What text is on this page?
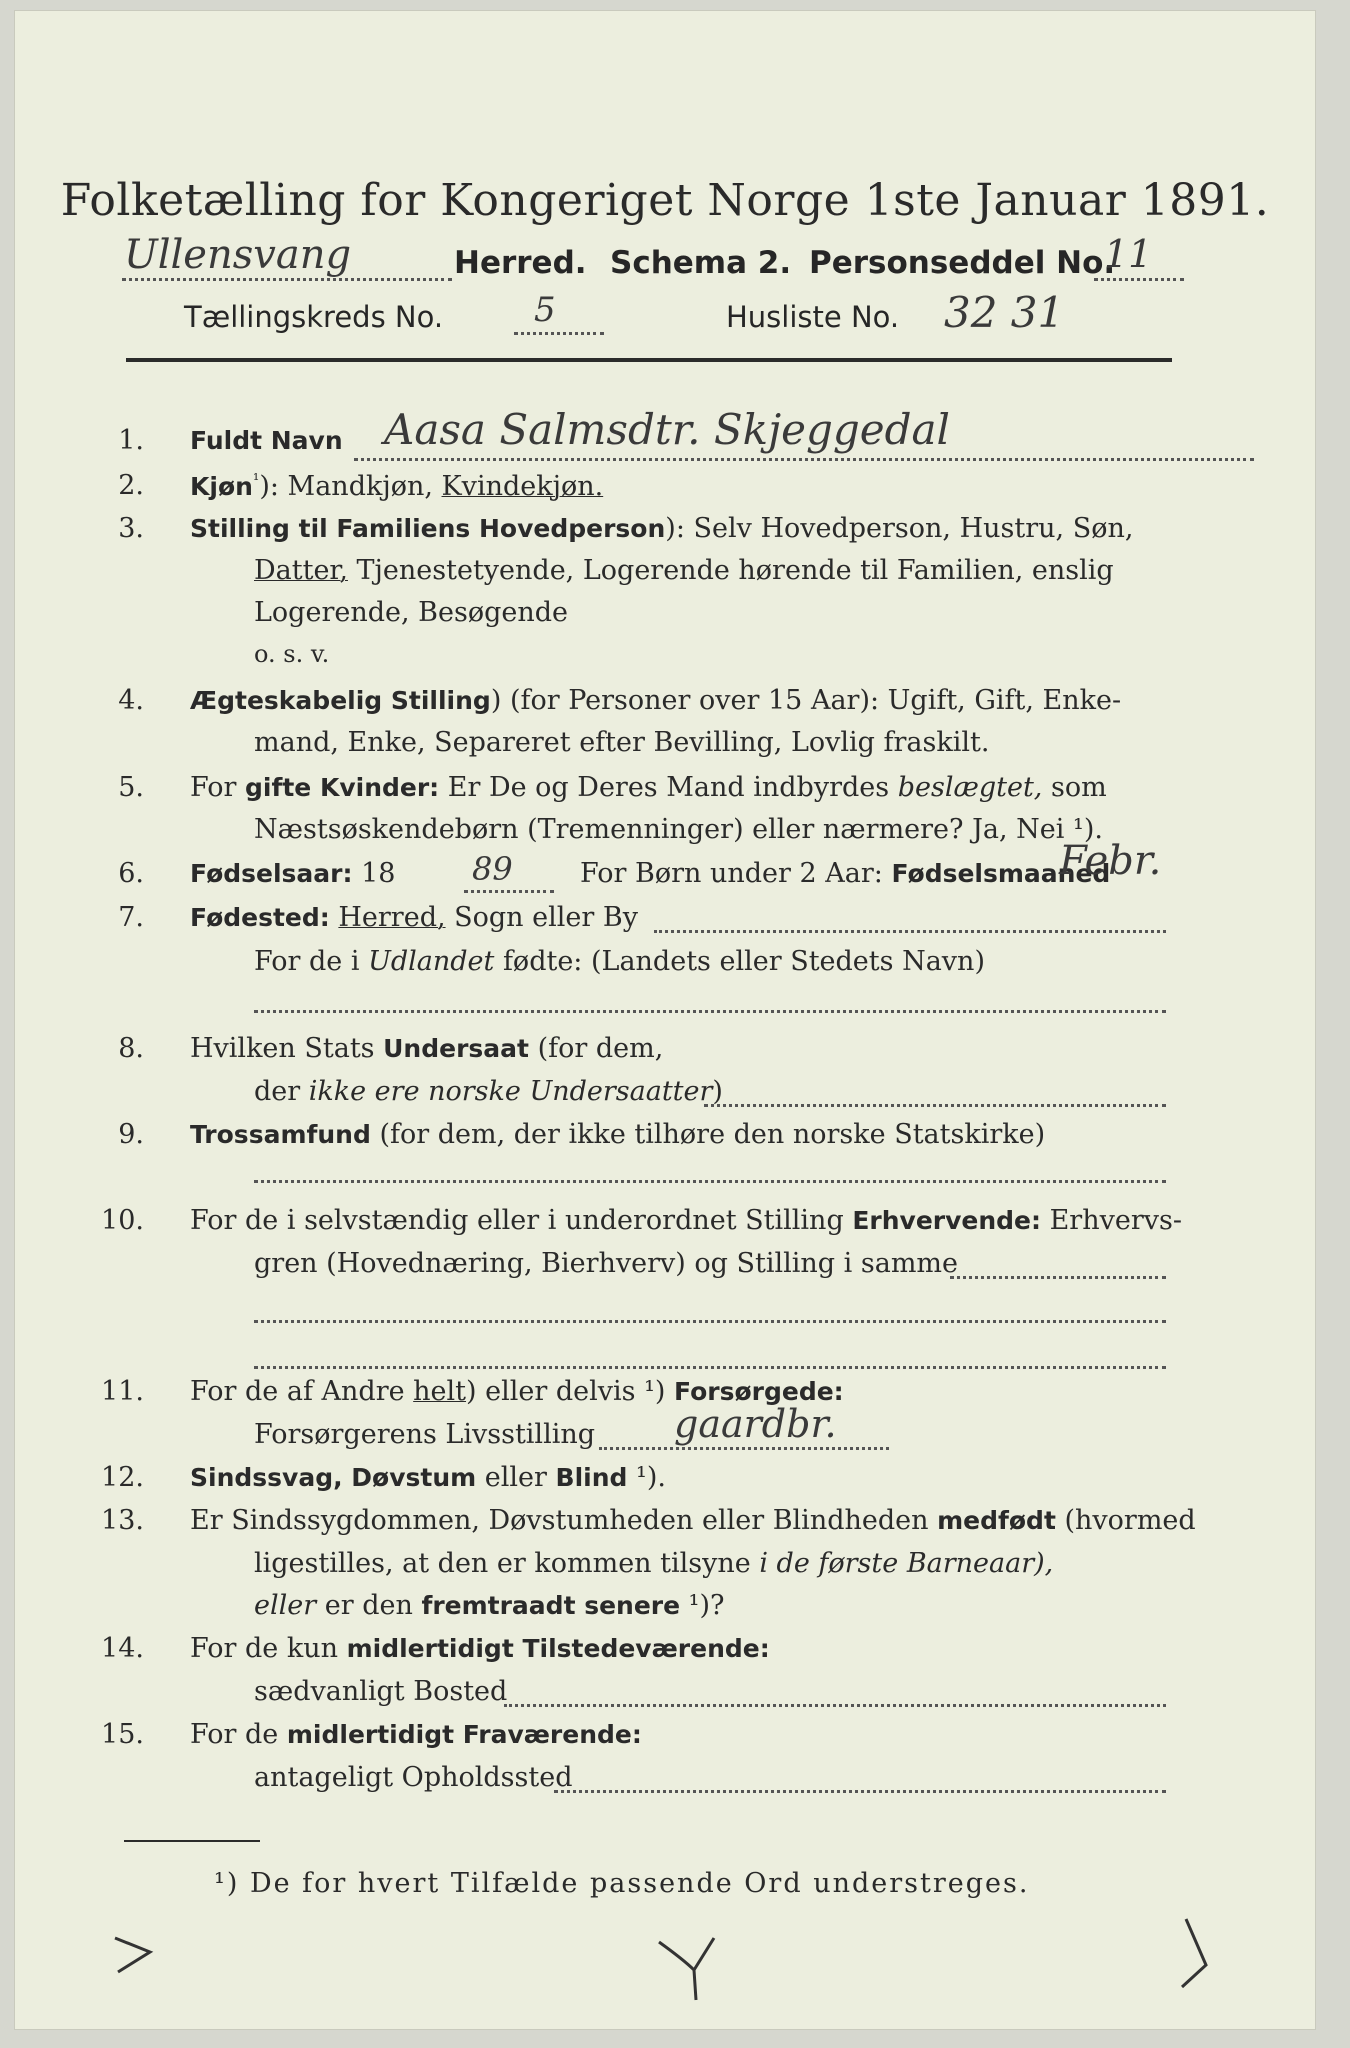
Folketælling for Kongeriget Norge 1ste Januar 1891.
Ullensvang	Herred. Schema 2. Personseddel No.
11
Tællingskreds No.	5	Husliste No. 32 31
1. Fuldt Navn Aasa Salmsdtr. Skjeggedal
2. Kjøn$^{^1}$): Mandkjøn, Kvindekjøn.
3. Stilling til Familiens Hovedperson): Selv Hovedperson, Hustru, Søn,
Datter, Tjenestetyende, Logerende hørende til Familien, enslig
Logerende, Besøgende
o. s. v.
4. Ægteskabelig Stilling) (for Personer over 15 Aar): Ugift, Gift, Enke-
mand, Enke, Separeret efter Bevilling, Lovlig fraskilt.
5. For gifte Kvinder: Er De og Deres Mand indbyrdes beslægtet, som
Næstsøskendebørn (Tremenninger) eller nærmere? Ja, Nei ¹).
6. Fødselsaar: 18 89 For Børn under 2 Aar: Fødselsmaaned
Febr.
7. Fødested: Herred, Sogn eller By
For de i Udlandet fødte: (Landets eller Stedets Navn)
8. Hvilken Stats Undersaat (for dem,
der ikke ere norske Undersaatter)
9. Trossamfund (for dem, der ikke tilhøre den norske Statskirke)
10. For de i selvstændig eller i underordnet Stilling Erhvervende: Erhvervs-
gren (Hovednæring, Bierhverv) og Stilling i samme
11. For de af Andre helt) eller delvis ¹) Forsørgede:
Forsørgerens Livsstilling gaardbr.
12. Sindssvag, Døvstum eller Blind ¹).
13. Er Sindssygdommen, Døvstumheden eller Blindheden medfødt (hvormed
ligestilles, at den er kommen tilsyne i de første Barneaar),
eller er den fremtraadt senere ¹)?
14. For de kun midlertidigt Tilstedeværende:
sædvanligt Bosted
15. For de midlertidigt Fraværende:
antageligt Opholdssted
¹) De for hvert Tilfælde passende Ord understreges.
